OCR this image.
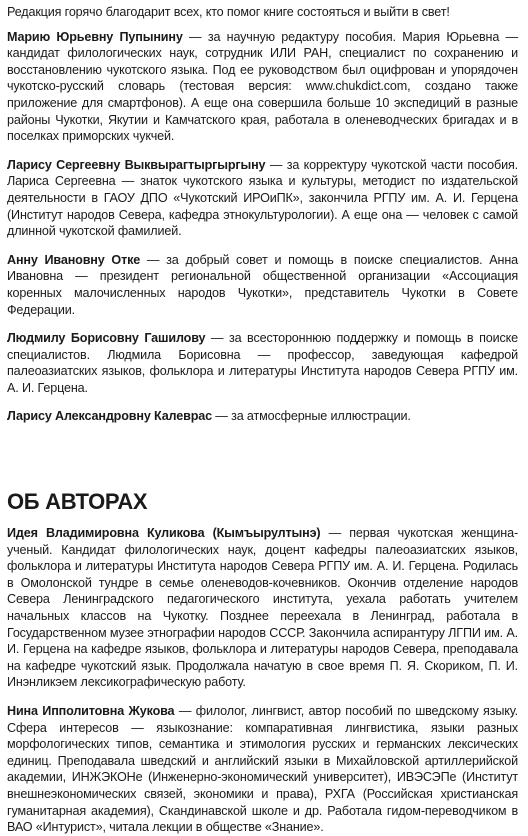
Редакция горячо благодарит всех, кто помог книге состояться и выйти в свет!

Марию Юрьевну Пупынину — за научную редактуру пособия. Мария Юрьевна — кандидат филологических наук, сотрудник ИЛИ РАН, специалист по сохранению и восстановлению чукотского языка. Под ее руководством был оцифрован и упорядочен чукотско-русский словарь (тестовая версия: www.chukdict.com, создано также приложение для смартфонов). А еще она совершила больше 10 экспедиций в разные районы Чукотки, Якутии и Камчатского края, работала в оленеводческих бригадах и в поселках приморских чукчей.

Ларису Сергеевну Выквырагтыргыргыну — за корректуру чукотской части пособия. Лариса Сергеевна — знаток чукотского языка и культуры, методист по издательской деятельности в ГАОУ ДПО «Чукотский ИРОиПК», закончила РГПУ им. А. И. Герцена (Институт народов Севера, кафедра этнокультурологии). А еще она — человек с самой длинной чукотской фамилией.

Анну Ивановну Отке — за добрый совет и помощь в поиске специалистов. Анна Ивановна — президент региональной общественной организации «Ассоциация коренных малочисленных народов Чукотки», представитель Чукотки в Совете Федерации.

Людмилу Борисовну Гашилову — за всестороннюю поддержку и помощь в поиске специалистов. Людмила Борисовна — профессор, заведующая кафедрой палеоазиатских языков, фольклора и литературы Института народов Севера РГПУ им. А. И. Герцена.

Ларису Александровну Калеврас — за атмосферные иллюстрации.

ОБ АВТОРАХ

Идея Владимировна Куликова (Кымъырултынэ) — первая чукотская женщина-ученый. Кандидат филологических наук, доцент кафедры палеоазиатских языков, фольклора и литературы Института народов Севера РГПУ им. А. И. Герцена. Родилась в Омолонской тундре в семье оленеводов-кочевников. Окончив отделение народов Севера Ленинградского педагогического института, уехала работать учителем начальных классов на Чукотку. Позднее переехала в Ленинград, работала в Государственном музее этнографии народов СССР. Закончила аспирантуру ЛГПИ им. А. И. Герцена на кафедре языков, фольклора и литературы народов Севера, преподавала на кафедре чукотский язык. Продолжала начатую в свое время П. Я. Скориком, П. И. Инэнликэем лексикографическую работу.

Нина Ипполитовна Жукова — филолог, лингвист, автор пособий по шведскому языку. Сфера интересов — языкознание: компаративная лингвистика, языки разных морфологических типов, семантика и этимология русских и германских лексических единиц. Преподавала шведский и английский языки в Михайловской артиллерийской академии, ИНЖЭКОНе (Инженерно-экономический университет), ИВЭСЭПе (Институт внешнеэкономических связей, экономики и права), РХГА (Российская христианская гуманитарная академия), Скандинавской школе и др. Работала гидом-переводчиком в ВАО «Интурист», читала лекции в обществе «Знание».
